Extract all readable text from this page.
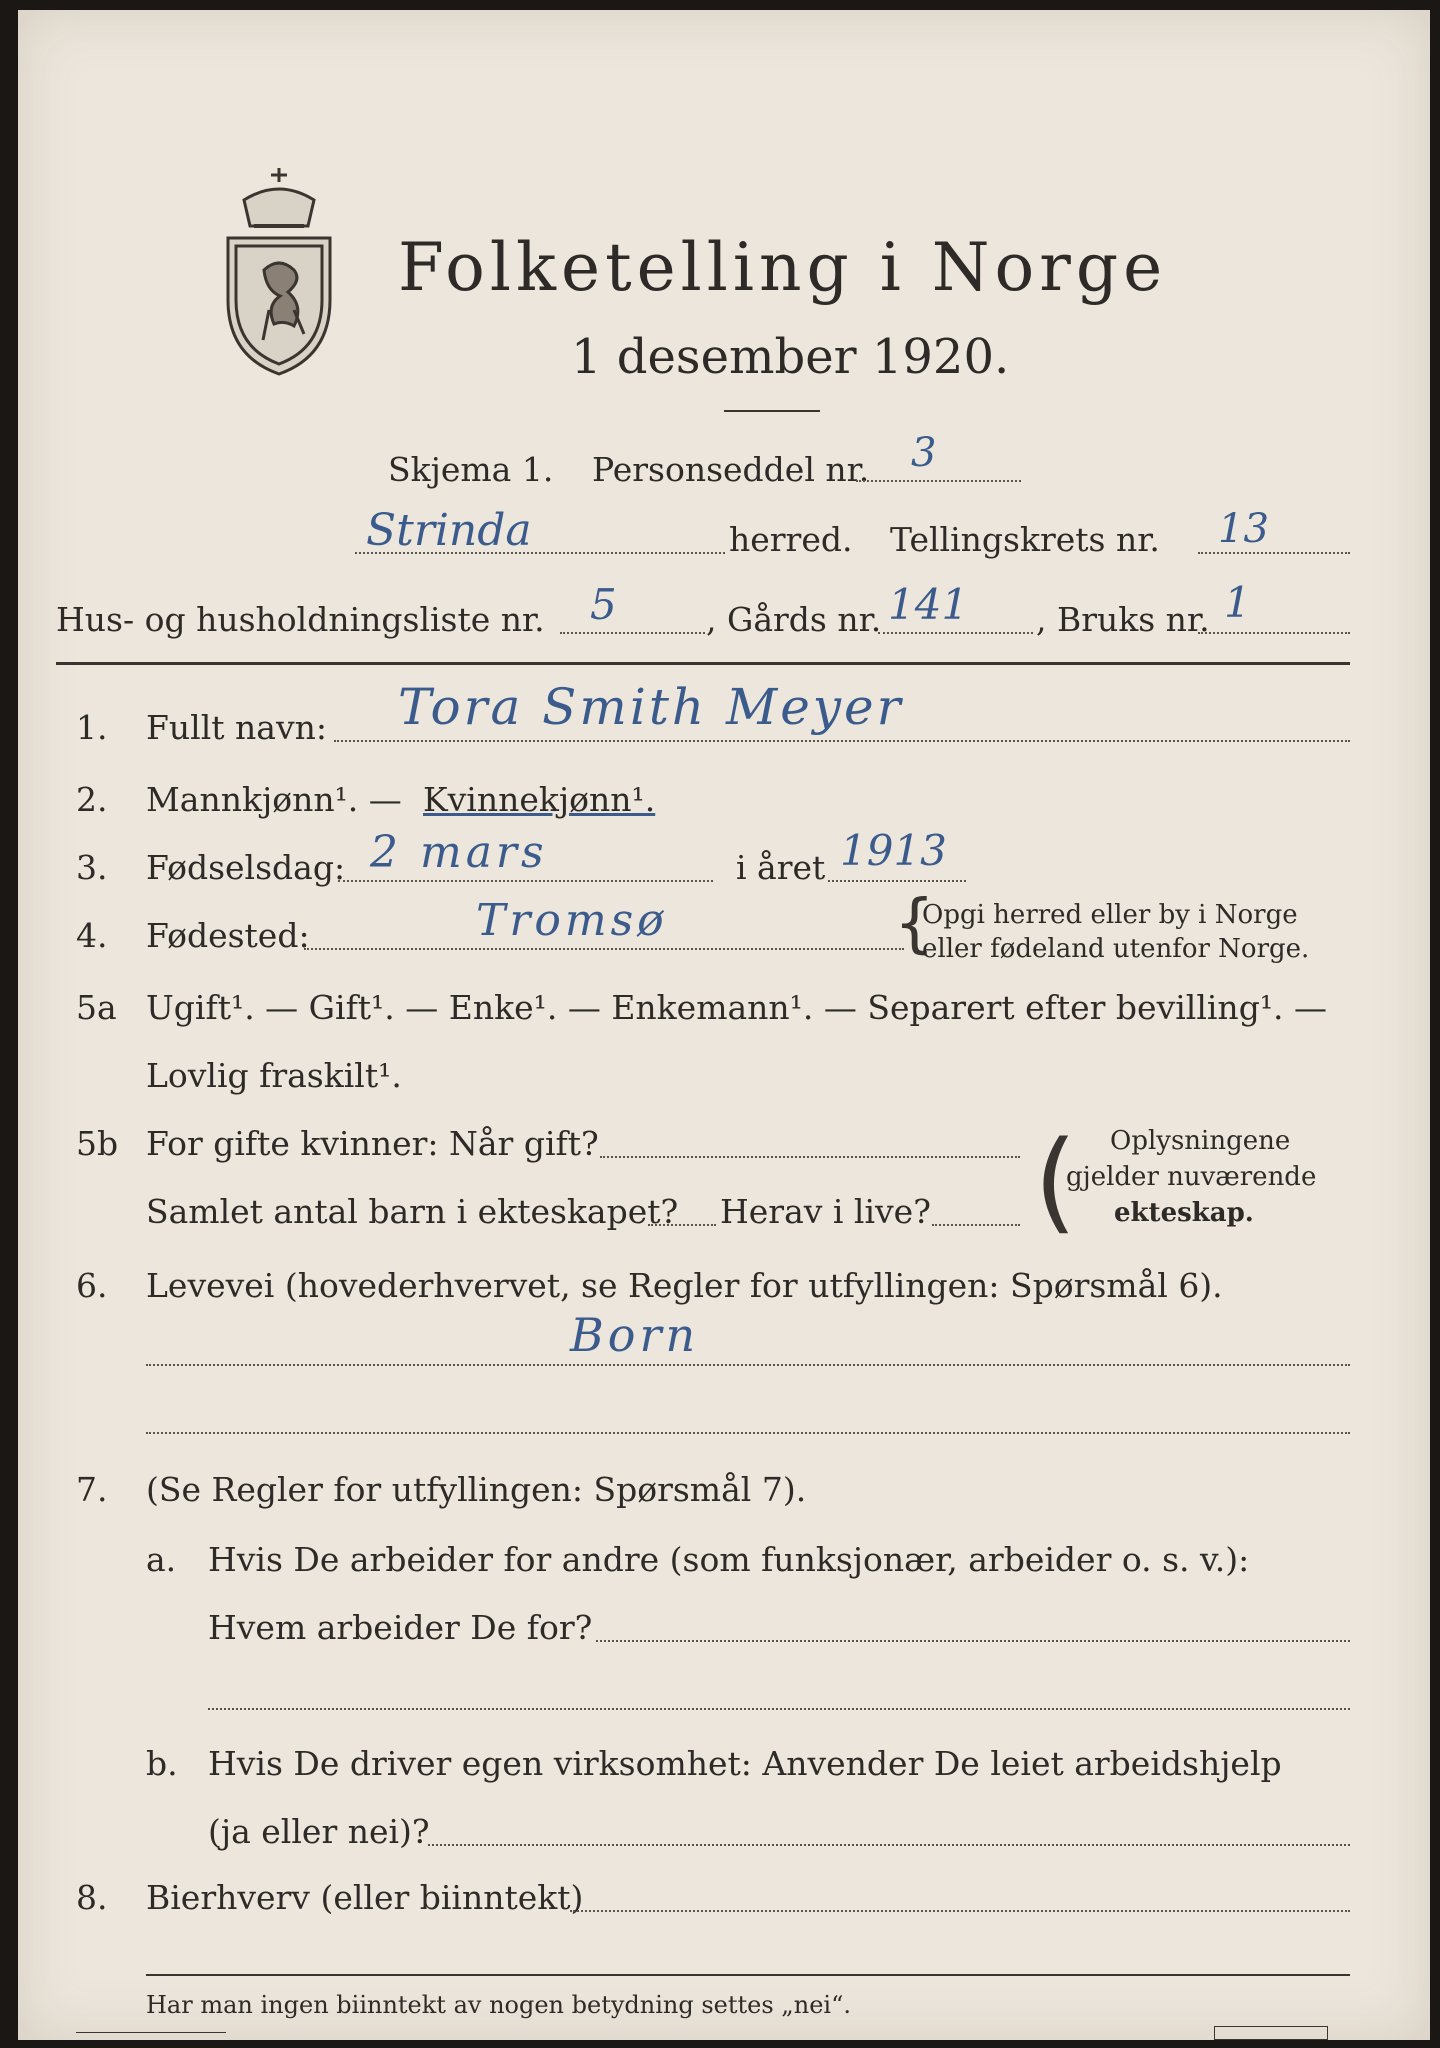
Folketelling i Norge
1 desember 1920.
Skjema 1. Personseddel nr. 3
Strinda	herred. Tellingskrets nr. 13
Hus- og husholdningsliste nr. 5	, Gårds nr. 141 , Bruks nr. 1
1. Fullt navn: Tora Smith Meyer
2. Mannkjønn¹. — Kvinnekjønn¹.
3. Fødselsdag: 2 mars	i året 1913
4. Fødested:	Tromsø	{
Opgi herred eller by i Norge
eller fødeland utenfor Norge.
5a Ugift¹. — Gift¹. — Enke¹. — Enkemann¹. — Separert efter bevilling¹. —
Lovlig fraskilt¹.
5b For gifte kvinner: Når gift?
Samlet antal barn i ekteskapet? Herav i live? ( Oplysningene
gjelder nuværende
ekteskap.
6. Levevei (hovederhvervet, se Regler for utfyllingen: Spørsmål 6).
Born
7. (Se Regler for utfyllingen: Spørsmål 7).
a. Hvis De arbeider for andre (som funksjonær, arbeider o. s. v.):
Hvem arbeider De for?
b. Hvis De driver egen virksomhet: Anvender De leiet arbeidshjelp
(ja eller nei)?
8. Bierhverv (eller biinntekt)
Har man ingen biinntekt av nogen betydning settes „nei“.
